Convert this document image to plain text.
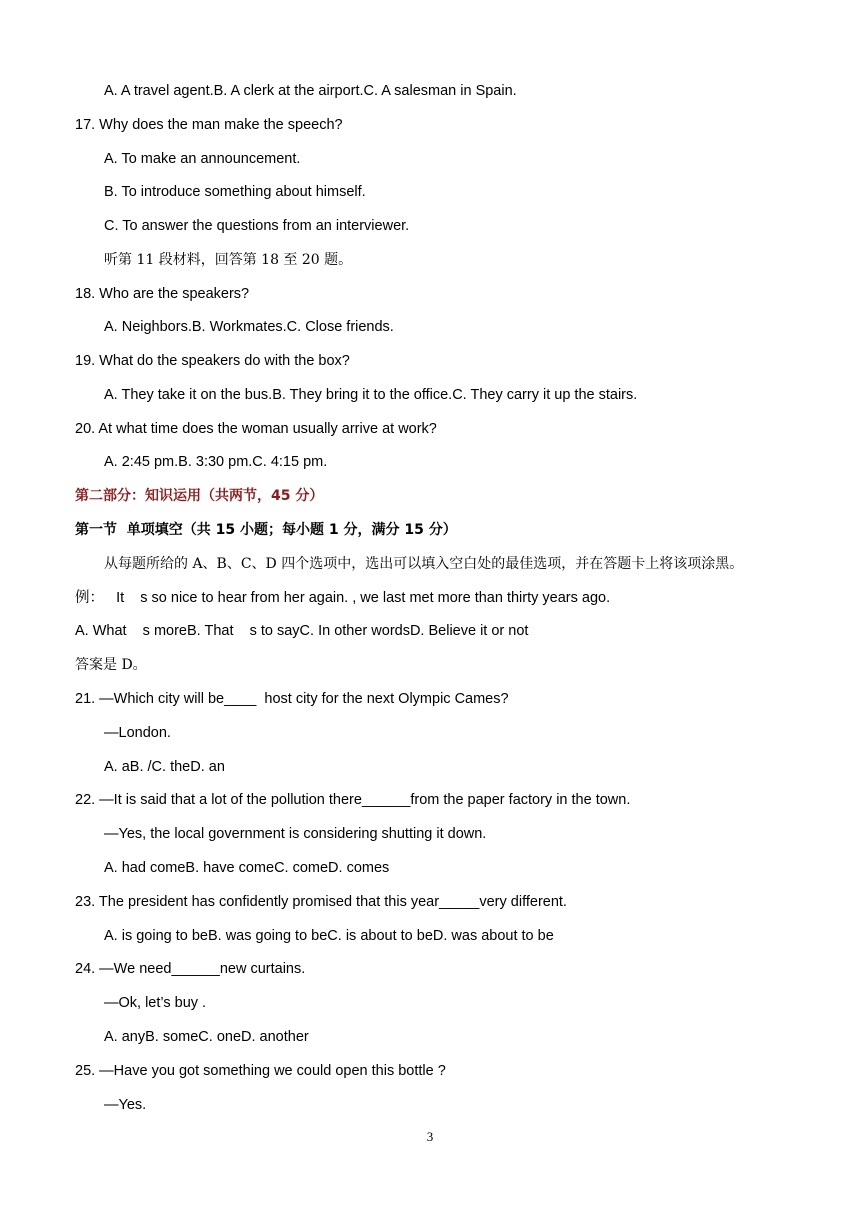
A. A travel agent.B. A clerk at the airport.C. A salesman in Spain.
17. Why does the man make the speech?
A. To make an announcement.
B. To introduce something about himself.
C. To answer the questions from an interviewer.
听第 11 段材料，回答第 18 至 20 题。
18. Who are the speakers?
A. Neighbors.B. Workmates.C. Close friends.
19. What do the speakers do with the box?
A. They take it on the bus.B. They bring it to the office.C. They carry it up the stairs.
20. At what time does the woman usually arrive at work?
A. 2:45 pm.B. 3:30 pm.C. 4:15 pm.
第二部分：知识运用（共两节，45 分）
第一节  单项填空（共 15 小题；每小题 1 分，满分 15 分）
从每题所给的 A、B、C、D 四个选项中，选出可以填入空白处的最佳选项，并在答题卡上将该项涂黑。
例：   It    s so nice to hear from her again. , we last met more than thirty years ago.
A. What    s moreB. That    s to sayC. In other wordsD. Believe it or not
答案是 D。
21. —Which city will be____  host city for the next Olympic Cames?
—London.
A. aB. /C. theD. an
22. —It is said that a lot of the pollution there______from the paper factory in the town.
—Yes, the local government is considering shutting it down.
A. had comeB. have comeC. comeD. comes
23. The president has confidently promised that this year_____very different.
A. is going to beB. was going to beC. is about to beD. was about to be
24. —We need______new curtains.
—Ok, let’s buy .
A. anyB. someC. oneD. another
25. —Have you got something we could open this bottle ?
—Yes.
3
